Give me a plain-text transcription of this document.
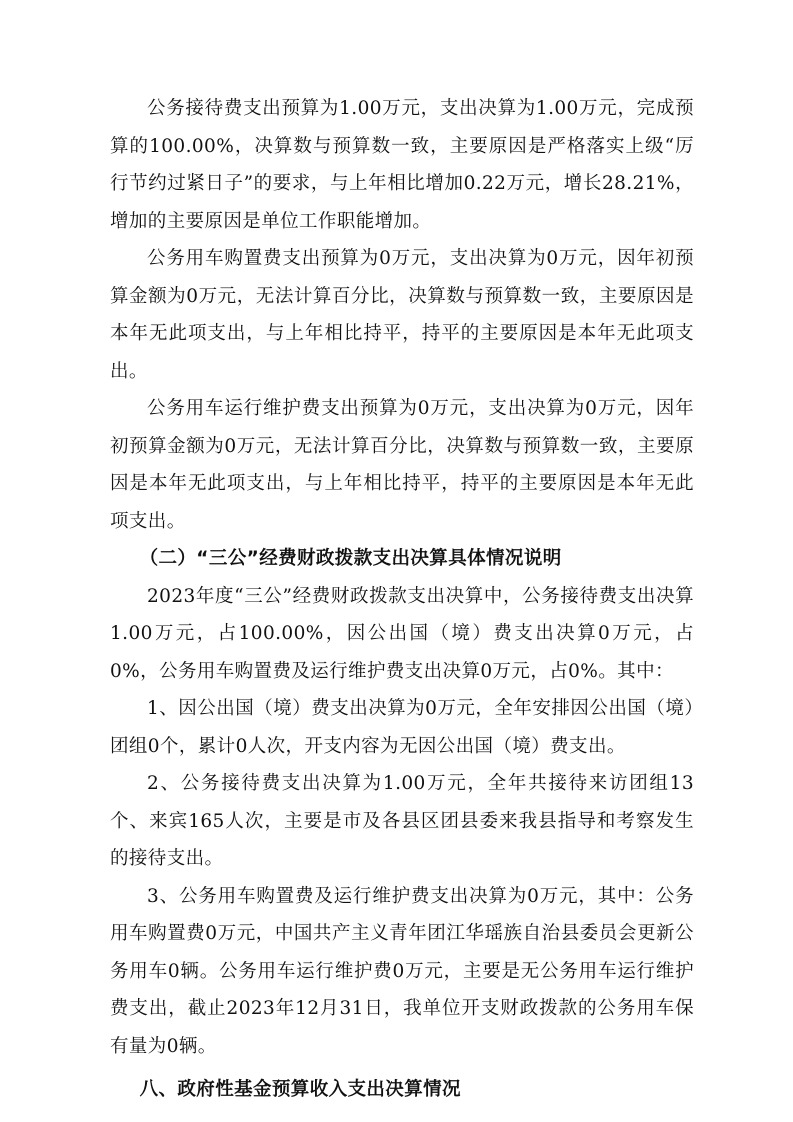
公务接待费支出预算为1.00万元，支出决算为1.00万元，完成预算的100.00%，决算数与预算数一致，主要原因是严格落实上级“厉行节约过紧日子”的要求，与上年相比增加0.22万元，增长28.21%，增加的主要原因是单位工作职能增加。

公务用车购置费支出预算为0万元，支出决算为0万元，因年初预算金额为0万元，无法计算百分比，决算数与预算数一致，主要原因是本年无此项支出，与上年相比持平，持平的主要原因是本年无此项支出。

公务用车运行维护费支出预算为0万元，支出决算为0万元，因年初预算金额为0万元，无法计算百分比，决算数与预算数一致，主要原因是本年无此项支出，与上年相比持平，持平的主要原因是本年无此项支出。

（二）“三公”经费财政拨款支出决算具体情况说明

2023年度“三公”经费财政拨款支出决算中，公务接待费支出决算1.00万元，占100.00%，因公出国（境）费支出决算0万元，占0%，公务用车购置费及运行维护费支出决算0万元，占0%。其中：

1、因公出国（境）费支出决算为0万元，全年安排因公出国（境）团组0个，累计0人次，开支内容为无因公出国（境）费支出。

2、公务接待费支出决算为1.00万元，全年共接待来访团组13个、来宾165人次，主要是市及各县区团县委来我县指导和考察发生的接待支出。

3、公务用车购置费及运行维护费支出决算为0万元，其中：公务用车购置费0万元，中国共产主义青年团江华瑶族自治县委员会更新公务用车0辆。公务用车运行维护费0万元，主要是无公务用车运行维护费支出，截止2023年12月31日，我单位开支财政拨款的公务用车保有量为0辆。

八、政府性基金预算收入支出决算情况
